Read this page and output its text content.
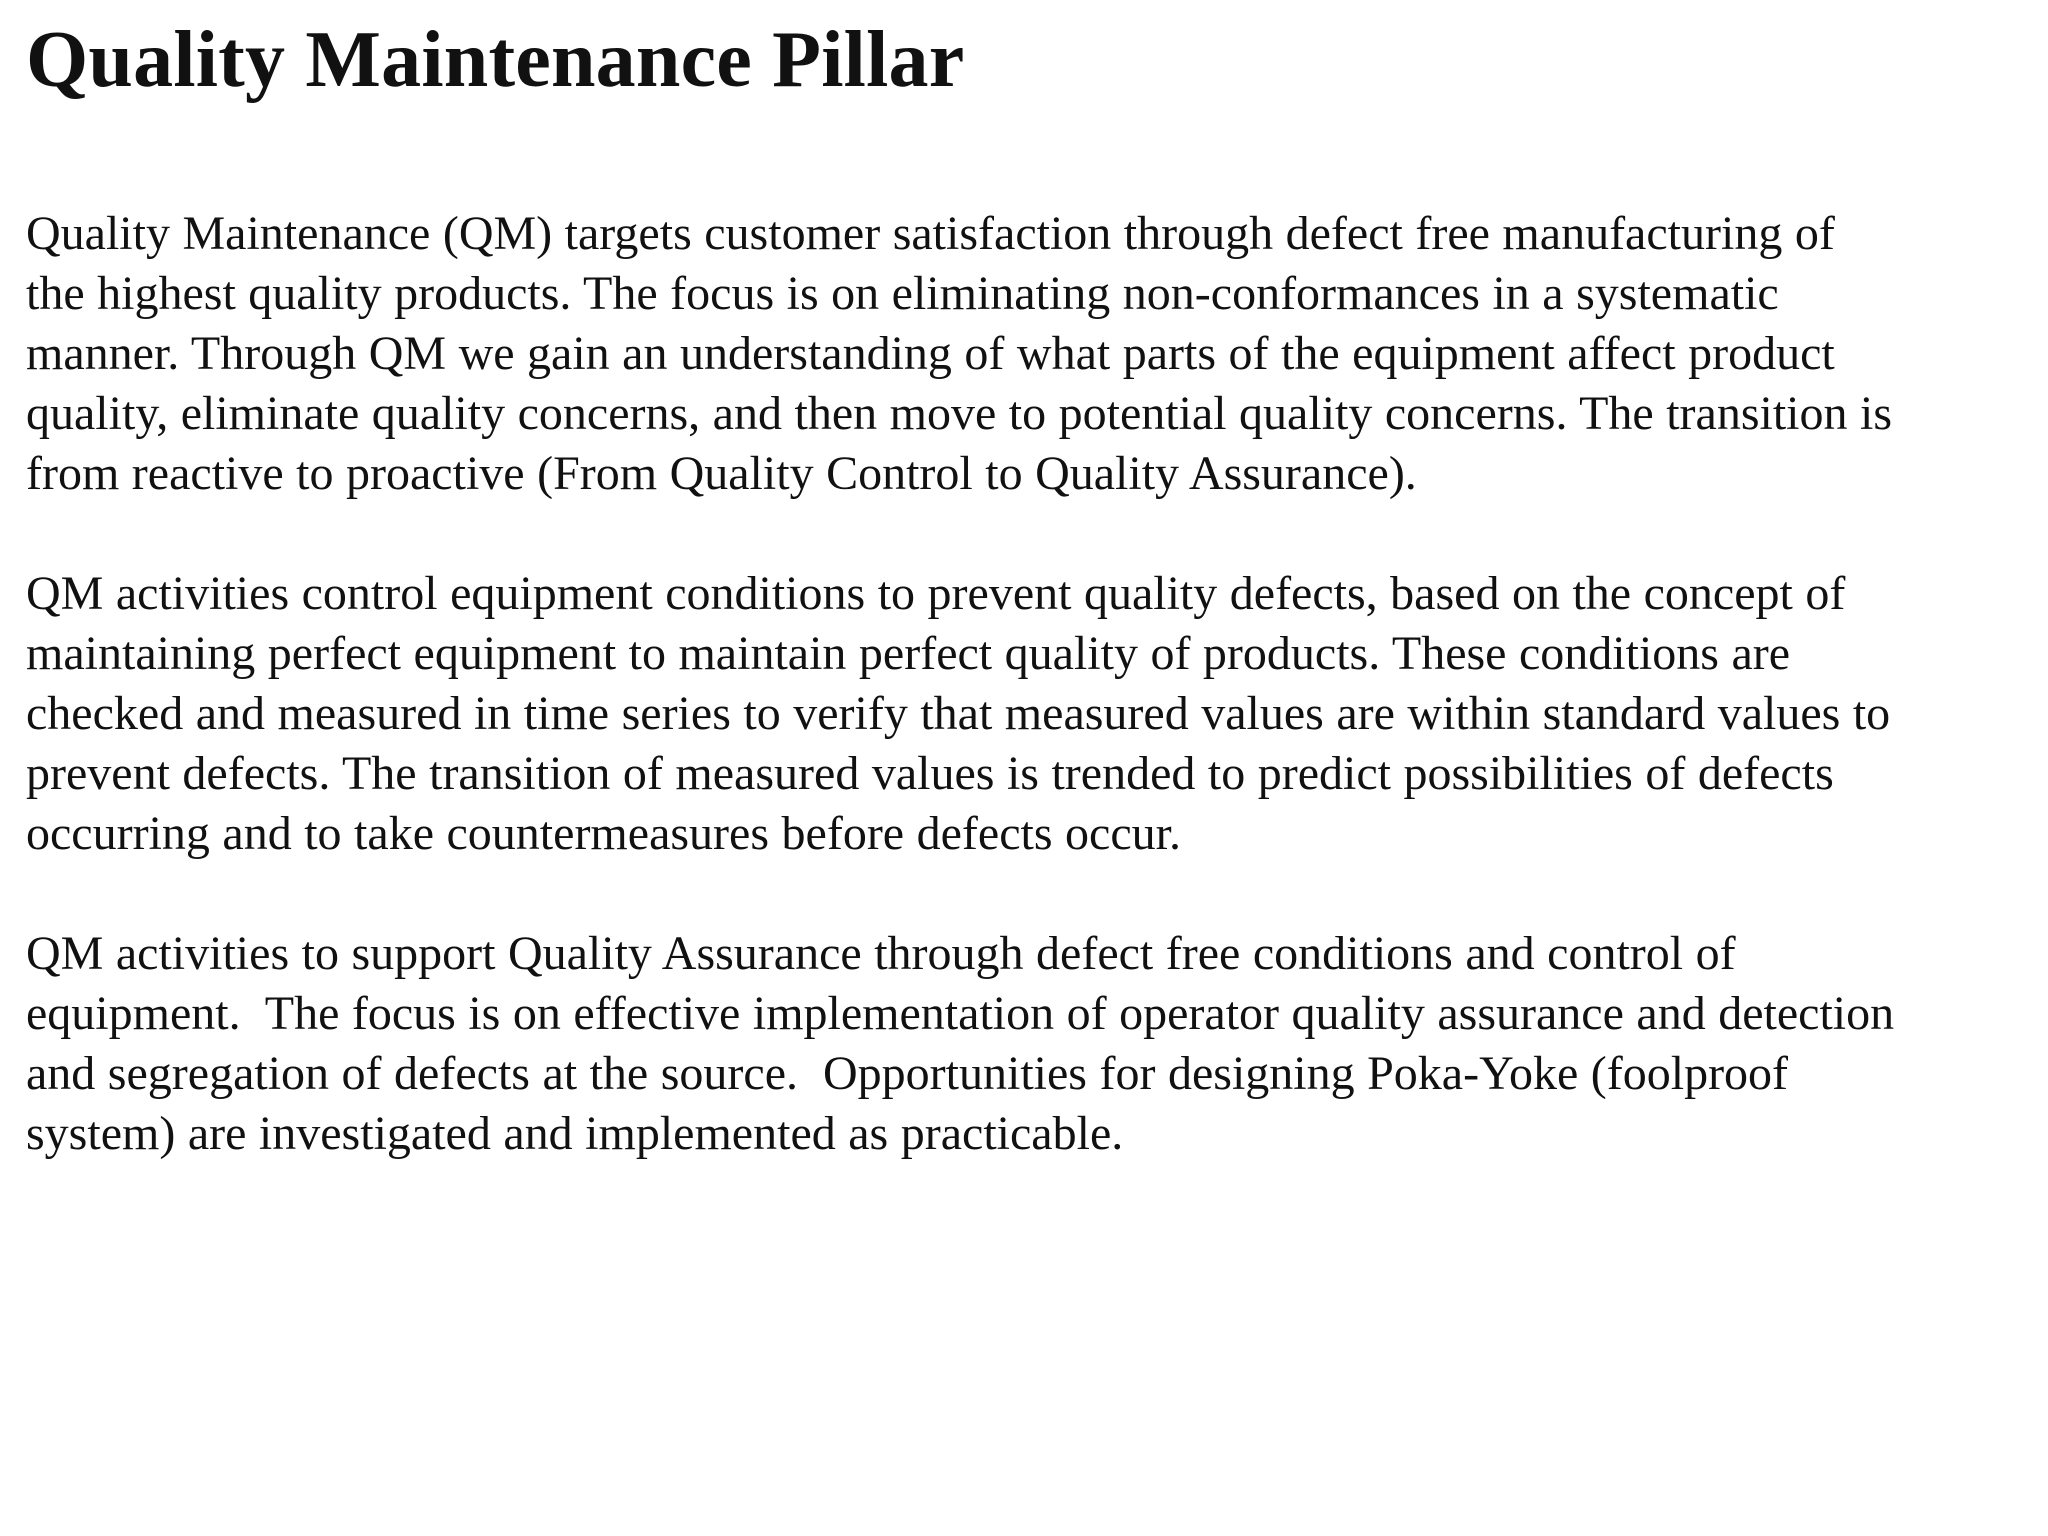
Quality Maintenance Pillar

Quality Maintenance (QM) targets customer satisfaction through defect free manufacturing of
the highest quality products. The focus is on eliminating non-conformances in a systematic
manner. Through QM we gain an understanding of what parts of the equipment affect product
quality, eliminate quality concerns, and then move to potential quality concerns. The transition is
from reactive to proactive (From Quality Control to Quality Assurance).

QM activities control equipment conditions to prevent quality defects, based on the concept of
maintaining perfect equipment to maintain perfect quality of products. These conditions are
checked and measured in time series to verify that measured values are within standard values to
prevent defects. The transition of measured values is trended to predict possibilities of defects
occurring and to take countermeasures before defects occur.

QM activities to support Quality Assurance through defect free conditions and control of
equipment.  The focus is on effective implementation of operator quality assurance and detection
and segregation of defects at the source.  Opportunities for designing Poka-Yoke (foolproof
system) are investigated and implemented as practicable.
